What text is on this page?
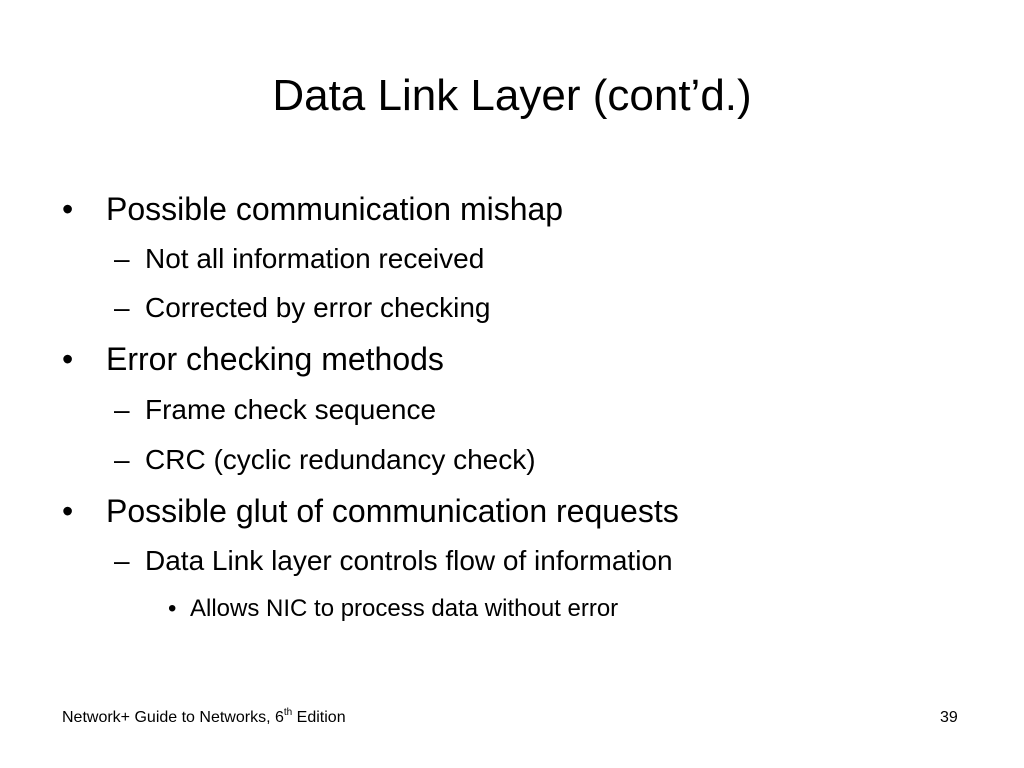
Data Link Layer (cont’d.)
•	Possible communication mishap
– Not all information received
– Corrected by error checking
•	Error checking methods
– Frame check sequence
– CRC (cyclic redundancy check)
•	Possible glut of communication requests
– Data Link layer controls flow of information
• Allows NIC to process data without error
Network+ Guide to Networks, 6th Edition	39
